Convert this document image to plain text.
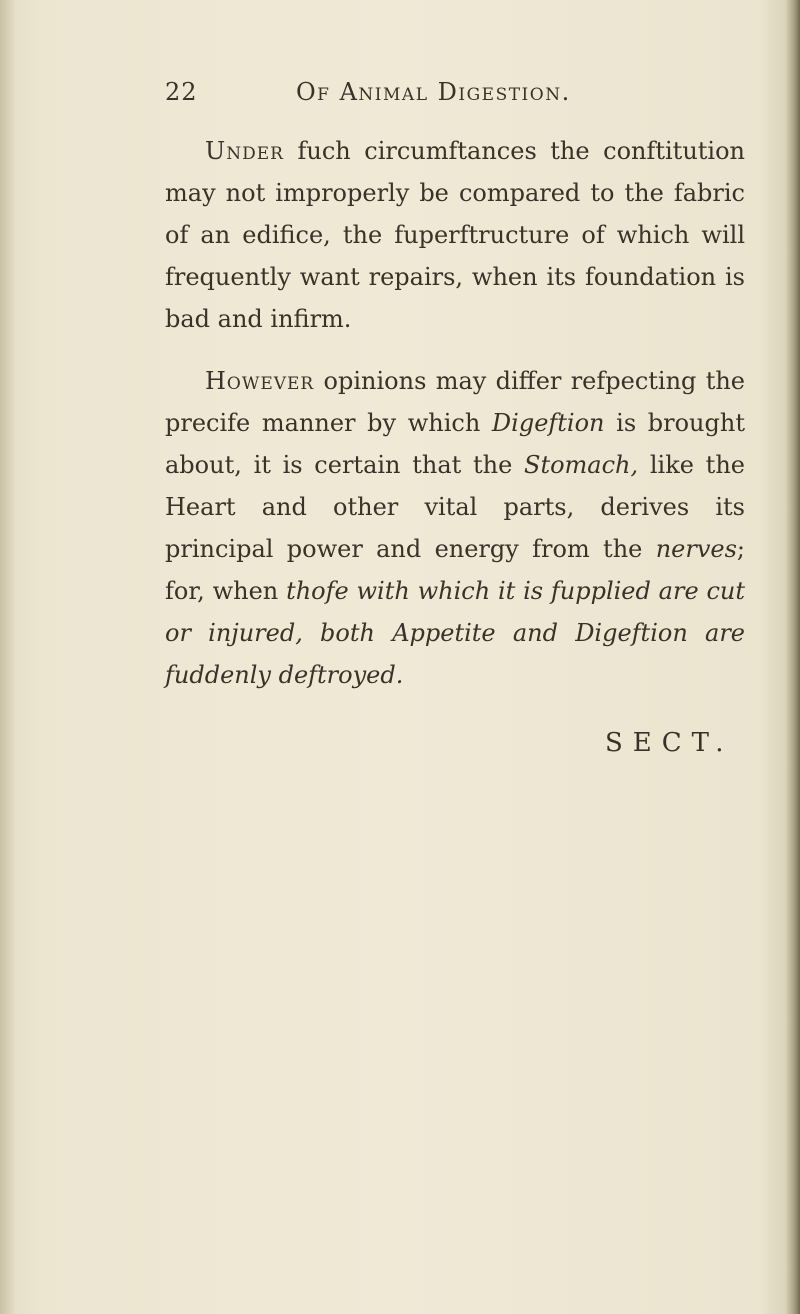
22	Of Animal Digestion.
Under fuch circumftances the conftitution may not improperly be compared to the fabric of an edifice, the fuperftructure of which will frequently want repairs, when its foundation is bad and infirm.
However opinions may differ refpecting the precife manner by which Digeftion is brought about, it is certain that the Stomach, like the Heart and other vital parts, derives its principal power and energy from the nerves; for, when thofe with which it is fupplied are cut or injured, both Appetite and Digeftion are fuddenly deftroyed.
SECT.
